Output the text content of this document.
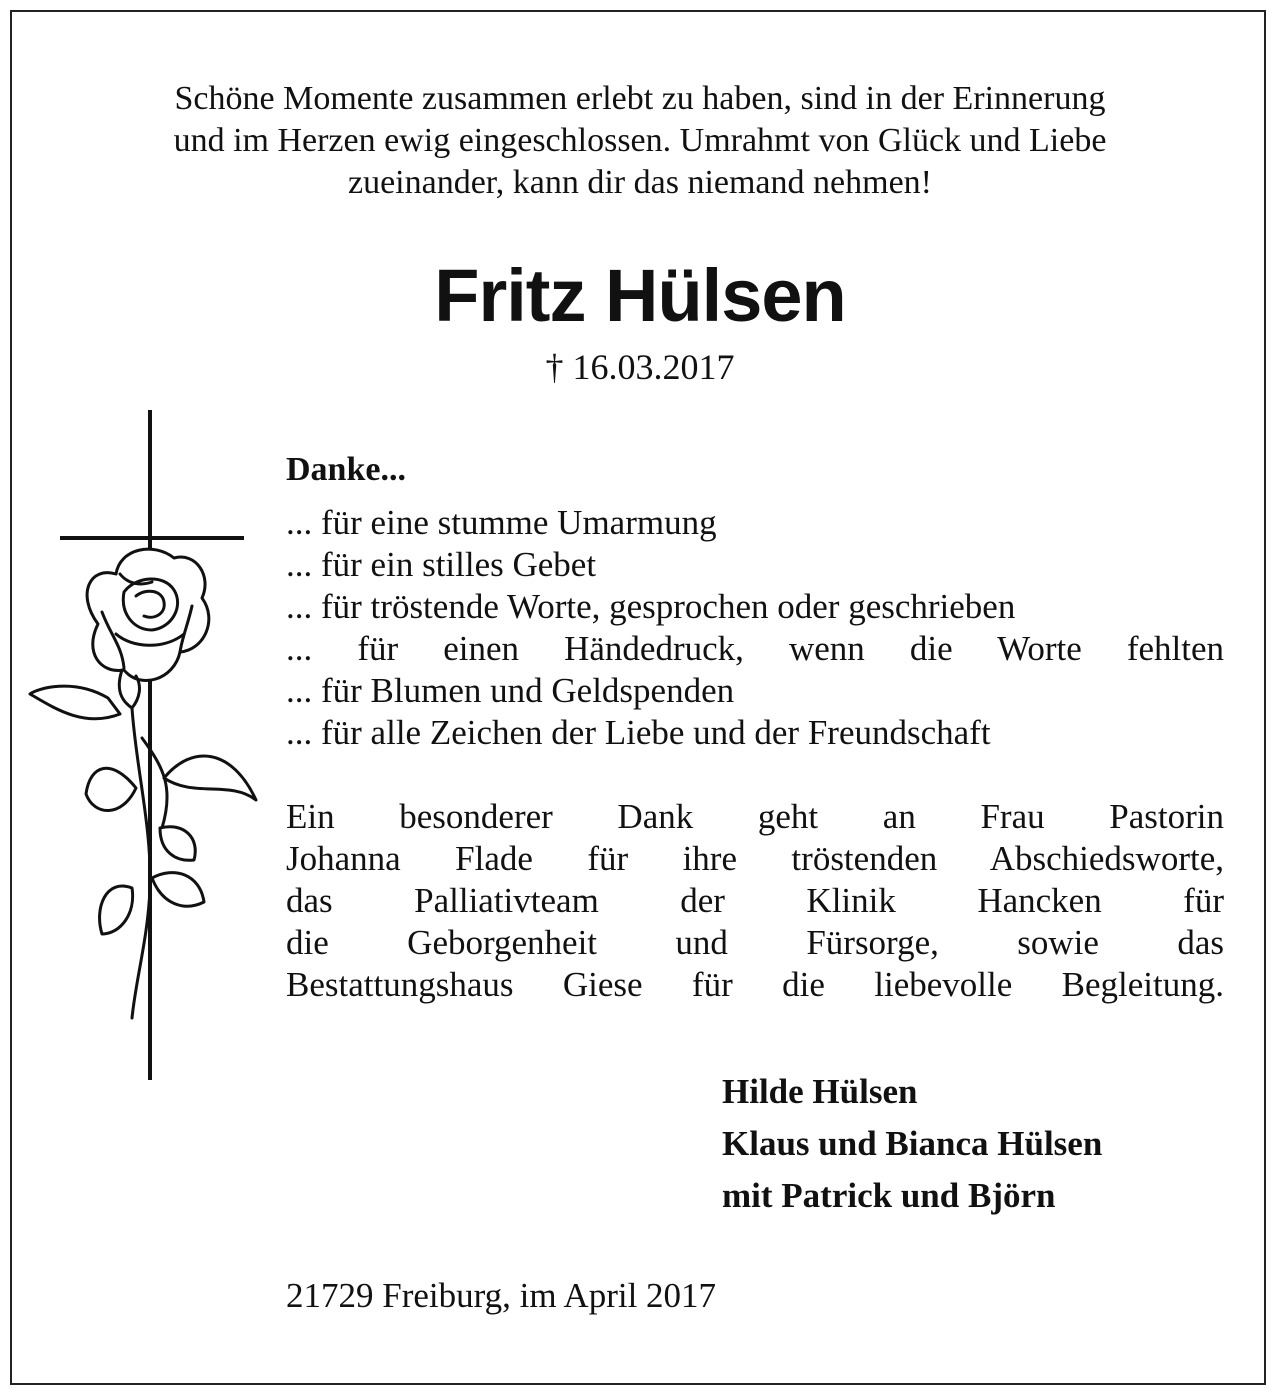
Schöne Momente zusammen erlebt zu haben, sind in der Erinnerung
und im Herzen ewig eingeschlossen. Umrahmt von Glück und Liebe
zueinander, kann dir das niemand nehmen!

Fritz Hülsen
† 16.03.2017
Danke...
... für eine stumme Umarmung
... für ein stilles Gebet
... für tröstende Worte, gesprochen oder geschrieben
... für einen Händedruck, wenn die Worte fehlten
... für Blumen und Geldspenden
... für alle Zeichen der Liebe und der Freundschaft

Ein besonderer Dank geht an Frau Pastorin
Johanna Flade für ihre tröstenden Abschiedsworte,
das Palliativteam der Klinik Hancken für
die Geborgenheit und Fürsorge, sowie das
Bestattungshaus Giese für die liebevolle Begleitung.

Hilde Hülsen
Klaus und Bianca Hülsen
mit Patrick und Björn
21729 Freiburg, im April 2017
